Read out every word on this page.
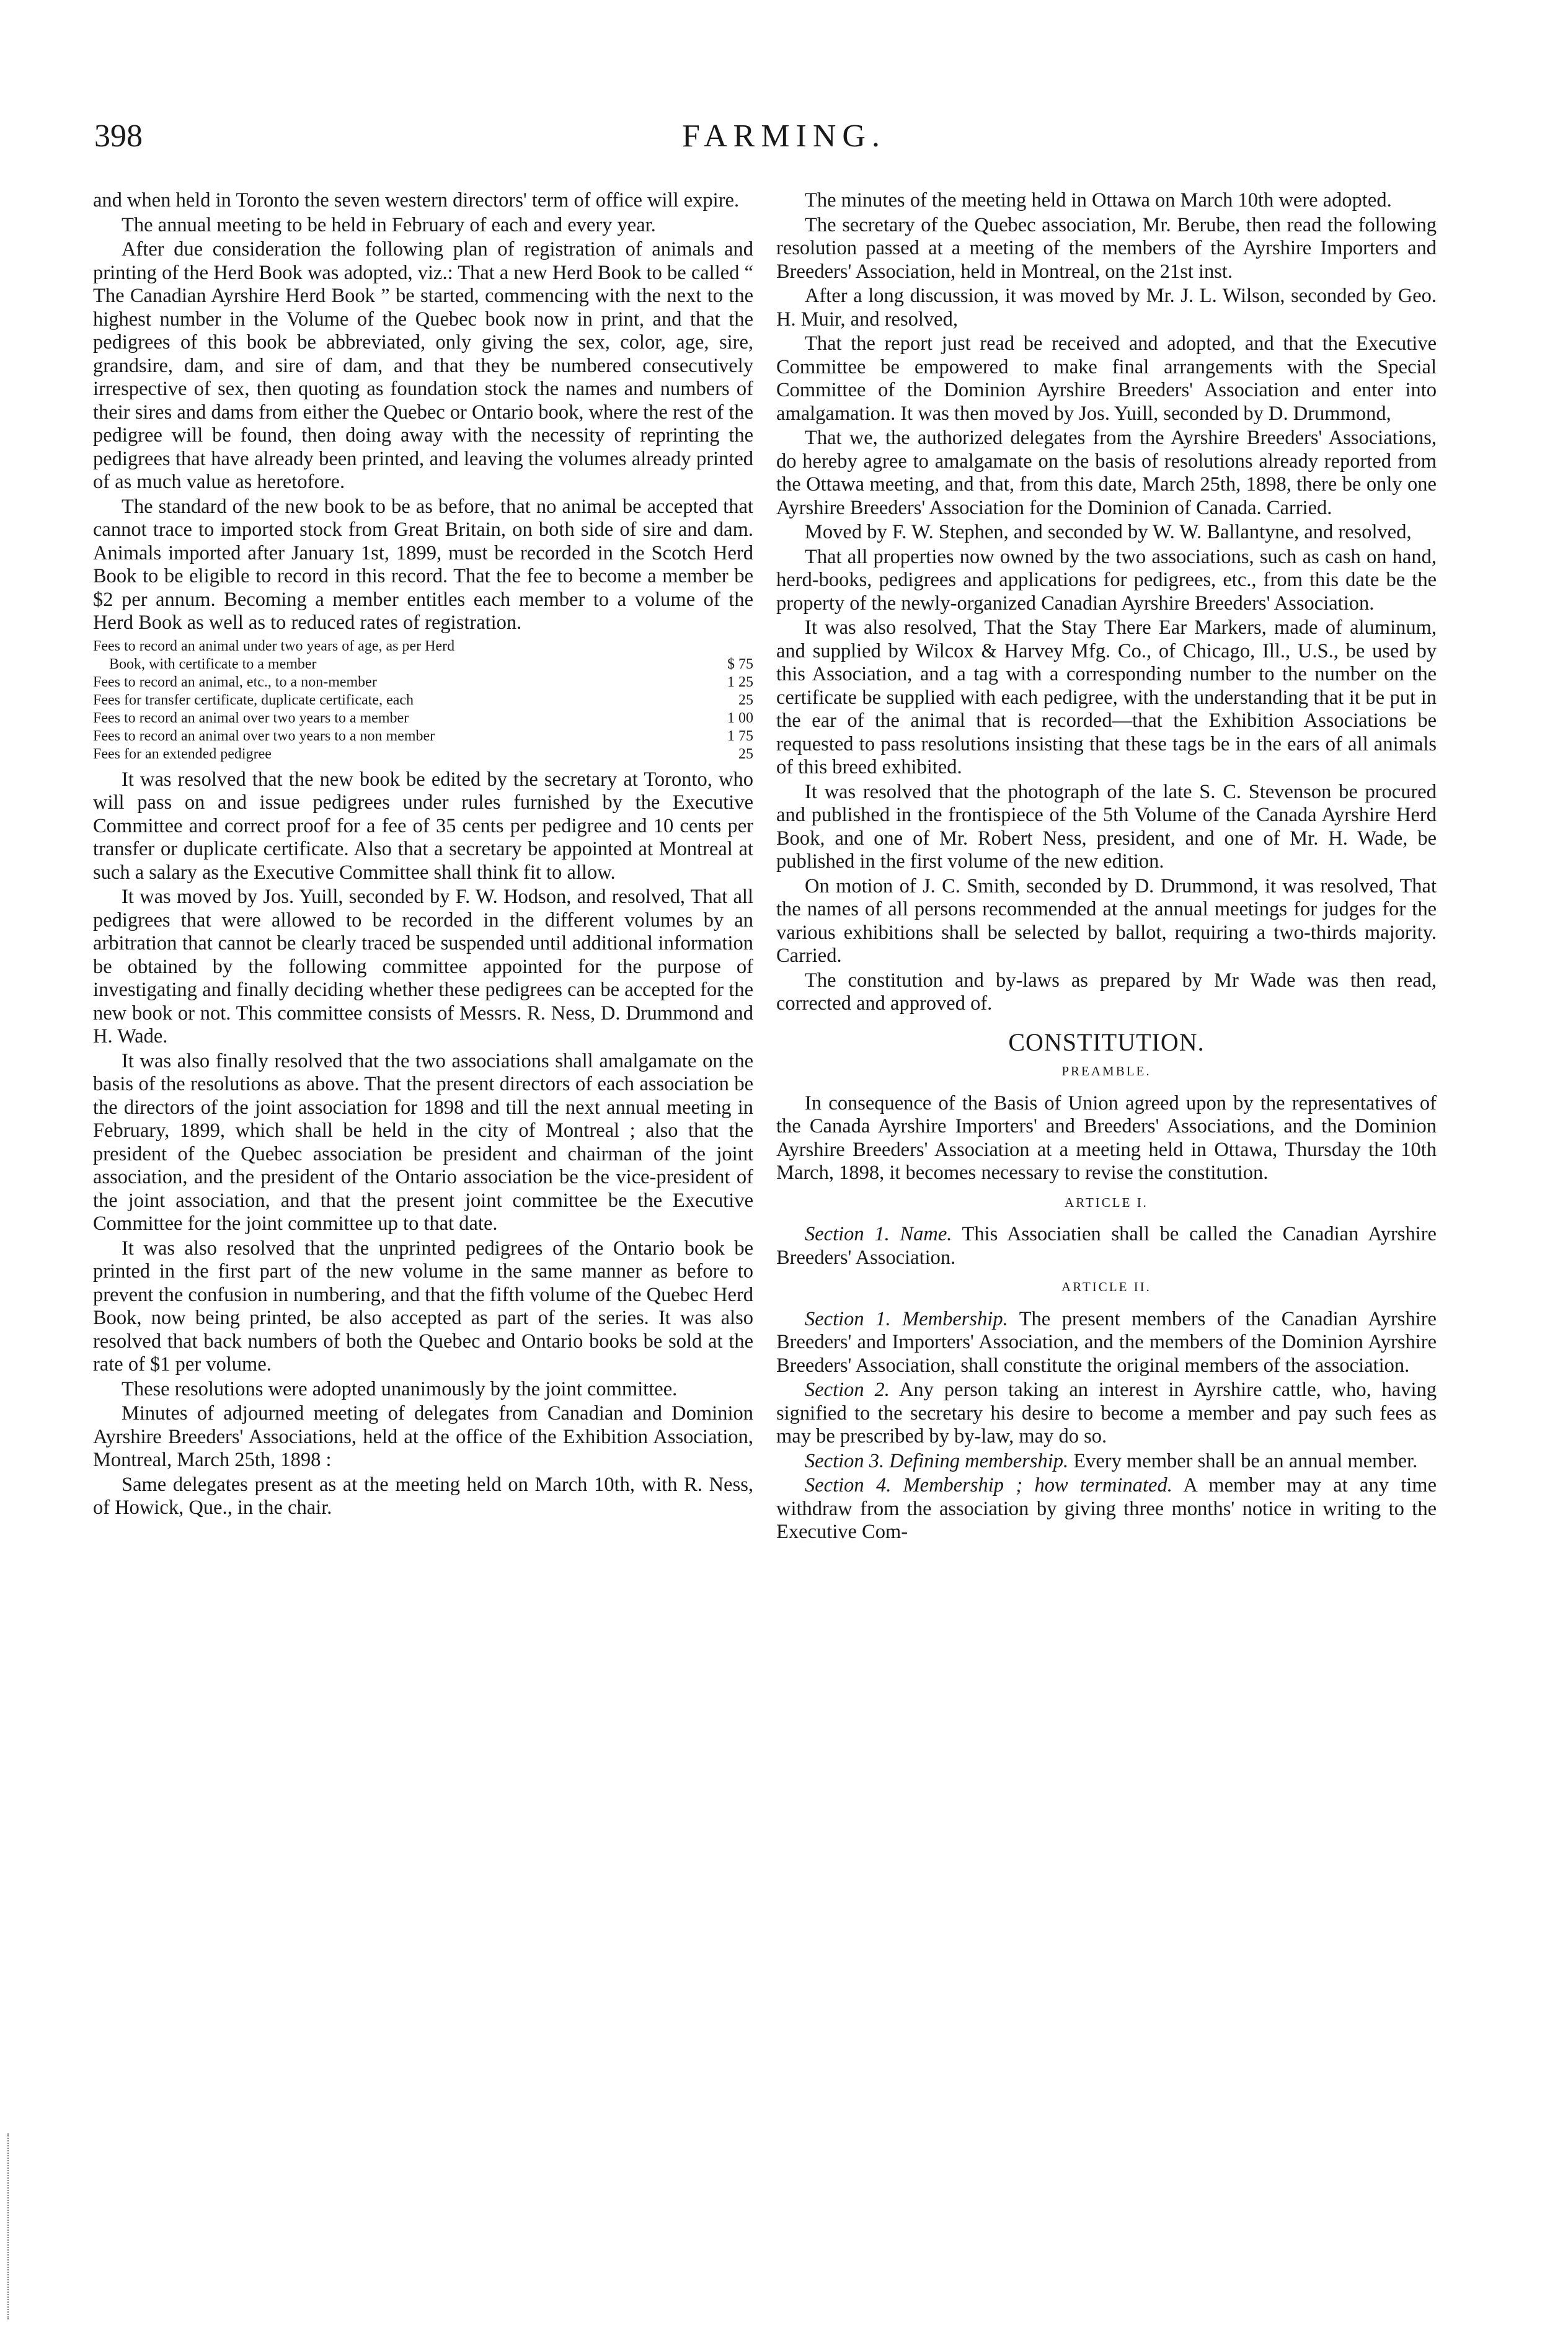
398	FARMING.

and when held in Toronto the seven western directors' term of office will expire.

The annual meeting to be held in February of each and every year.

After due consideration the following plan of registration of animals and printing of the Herd Book was adopted, viz.: That a new Herd Book to be called “ The Canadian Ayrshire Herd Book ” be started, commencing with the next to the highest number in the Volume of the Quebec book now in print, and that the pedigrees of this book be abbreviated, only giving the sex, color, age, sire, grandsire, dam, and sire of dam, and that they be numbered consecutively irrespective of sex, then quoting as foundation stock the names and numbers of their sires and dams from either the Quebec or Ontario book, where the rest of the pedigree will be found, then doing away with the necessity of reprinting the pedigrees that have already been printed, and leaving the volumes already printed of as much value as heretofore.

The standard of the new book to be as before, that no animal be accepted that cannot trace to imported stock from Great Britain, on both side of sire and dam. Animals imported after January 1st, 1899, must be recorded in the Scotch Herd Book to be eligible to record in this record. That the fee to become a member be $2 per annum. Becoming a member entitles each member to a volume of the Herd Book as well as to reduced rates of registration.

Fees to record an animal under two years of age, as per Herd
Book, with certificate to a member	$ 75
Fees to record an animal, etc., to a non-member	1 25
Fees for transfer certificate, duplicate certificate, each	25
Fees to record an animal over two years to a member	1 00
Fees to record an animal over two years to a non member	1 75
Fees for an extended pedigree	25

It was resolved that the new book be edited by the secretary at Toronto, who will pass on and issue pedigrees under rules furnished by the Executive Committee and correct proof for a fee of 35 cents per pedigree and 10 cents per transfer or duplicate certificate. Also that a secretary be appointed at Montreal at such a salary as the Executive Committee shall think fit to allow.

It was moved by Jos. Yuill, seconded by F. W. Hodson, and resolved, That all pedigrees that were allowed to be recorded in the different volumes by an arbitration that cannot be clearly traced be suspended until additional information be obtained by the following committee appointed for the purpose of investigating and finally deciding whether these pedigrees can be accepted for the new book or not. This committee consists of Messrs. R. Ness, D. Drummond and H. Wade.

It was also finally resolved that the two associations shall amalgamate on the basis of the resolutions as above. That the present directors of each association be the directors of the joint association for 1898 and till the next annual meeting in February, 1899, which shall be held in the city of Montreal ; also that the president of the Quebec association be president and chairman of the joint association, and the president of the Ontario association be the vice-president of the joint association, and that the present joint committee be the Executive Committee for the joint committee up to that date.

It was also resolved that the unprinted pedigrees of the Ontario book be printed in the first part of the new volume in the same manner as before to prevent the confusion in numbering, and that the fifth volume of the Quebec Herd Book, now being printed, be also accepted as part of the series. It was also resolved that back numbers of both the Quebec and Ontario books be sold at the rate of $1 per volume.

These resolutions were adopted unanimously by the joint committee.

Minutes of adjourned meeting of delegates from Canadian and Dominion Ayrshire Breeders' Associations, held at the office of the Exhibition Association, Montreal, March 25th, 1898 :

Same delegates present as at the meeting held on March 10th, with R. Ness, of Howick, Que., in the chair.

The minutes of the meeting held in Ottawa on March 10th were adopted.

The secretary of the Quebec association, Mr. Berube, then read the following resolution passed at a meeting of the members of the Ayrshire Importers and Breeders' Association, held in Montreal, on the 21st inst.

After a long discussion, it was moved by Mr. J. L. Wilson, seconded by Geo. H. Muir, and resolved,

That the report just read be received and adopted, and that the Executive Committee be empowered to make final arrangements with the Special Committee of the Dominion Ayrshire Breeders' Association and enter into amalgamation. It was then moved by Jos. Yuill, seconded by D. Drummond,

That we, the authorized delegates from the Ayrshire Breeders' Associations, do hereby agree to amalgamate on the basis of resolutions already reported from the Ottawa meeting, and that, from this date, March 25th, 1898, there be only one Ayrshire Breeders' Association for the Dominion of Canada. Carried.

Moved by F. W. Stephen, and seconded by W. W. Ballantyne, and resolved,

That all properties now owned by the two associations, such as cash on hand, herd-books, pedigrees and applications for pedigrees, etc., from this date be the property of the newly-organized Canadian Ayrshire Breeders' Association.

It was also resolved, That the Stay There Ear Markers, made of aluminum, and supplied by Wilcox & Harvey Mfg. Co., of Chicago, Ill., U.S., be used by this Association, and a tag with a corresponding number to the number on the certificate be supplied with each pedigree, with the understanding that it be put in the ear of the animal that is recorded—that the Exhibition Associations be requested to pass resolutions insisting that these tags be in the ears of all animals of this breed exhibited.

It was resolved that the photograph of the late S. C. Stevenson be procured and published in the frontispiece of the 5th Volume of the Canada Ayrshire Herd Book, and one of Mr. Robert Ness, president, and one of Mr. H. Wade, be published in the first volume of the new edition.

On motion of J. C. Smith, seconded by D. Drummond, it was resolved, That the names of all persons recommended at the annual meetings for judges for the various exhibitions shall be selected by ballot, requiring a two-thirds majority. Carried.

The constitution and by-laws as prepared by Mr Wade was then read, corrected and approved of.

CONSTITUTION.
PREAMBLE.

In consequence of the Basis of Union agreed upon by the representatives of the Canada Ayrshire Importers' and Breeders' Associations, and the Dominion Ayrshire Breeders' Association at a meeting held in Ottawa, Thursday the 10th March, 1898, it becomes necessary to revise the constitution.

ARTICLE I.

Section 1. Name. This Associatien shall be called the Canadian Ayrshire Breeders' Association.

ARTICLE II.

Section 1. Membership. The present members of the Canadian Ayrshire Breeders' and Importers' Association, and the members of the Dominion Ayrshire Breeders' Association, shall constitute the original members of the association.

Section 2. Any person taking an interest in Ayrshire cattle, who, having signified to the secretary his desire to become a member and pay such fees as may be prescribed by by-law, may do so.

Section 3. Defining membership. Every member shall be an annual member.

Section 4. Membership ; how terminated. A member may at any time withdraw from the association by giving three months' notice in writing to the Executive Com-
